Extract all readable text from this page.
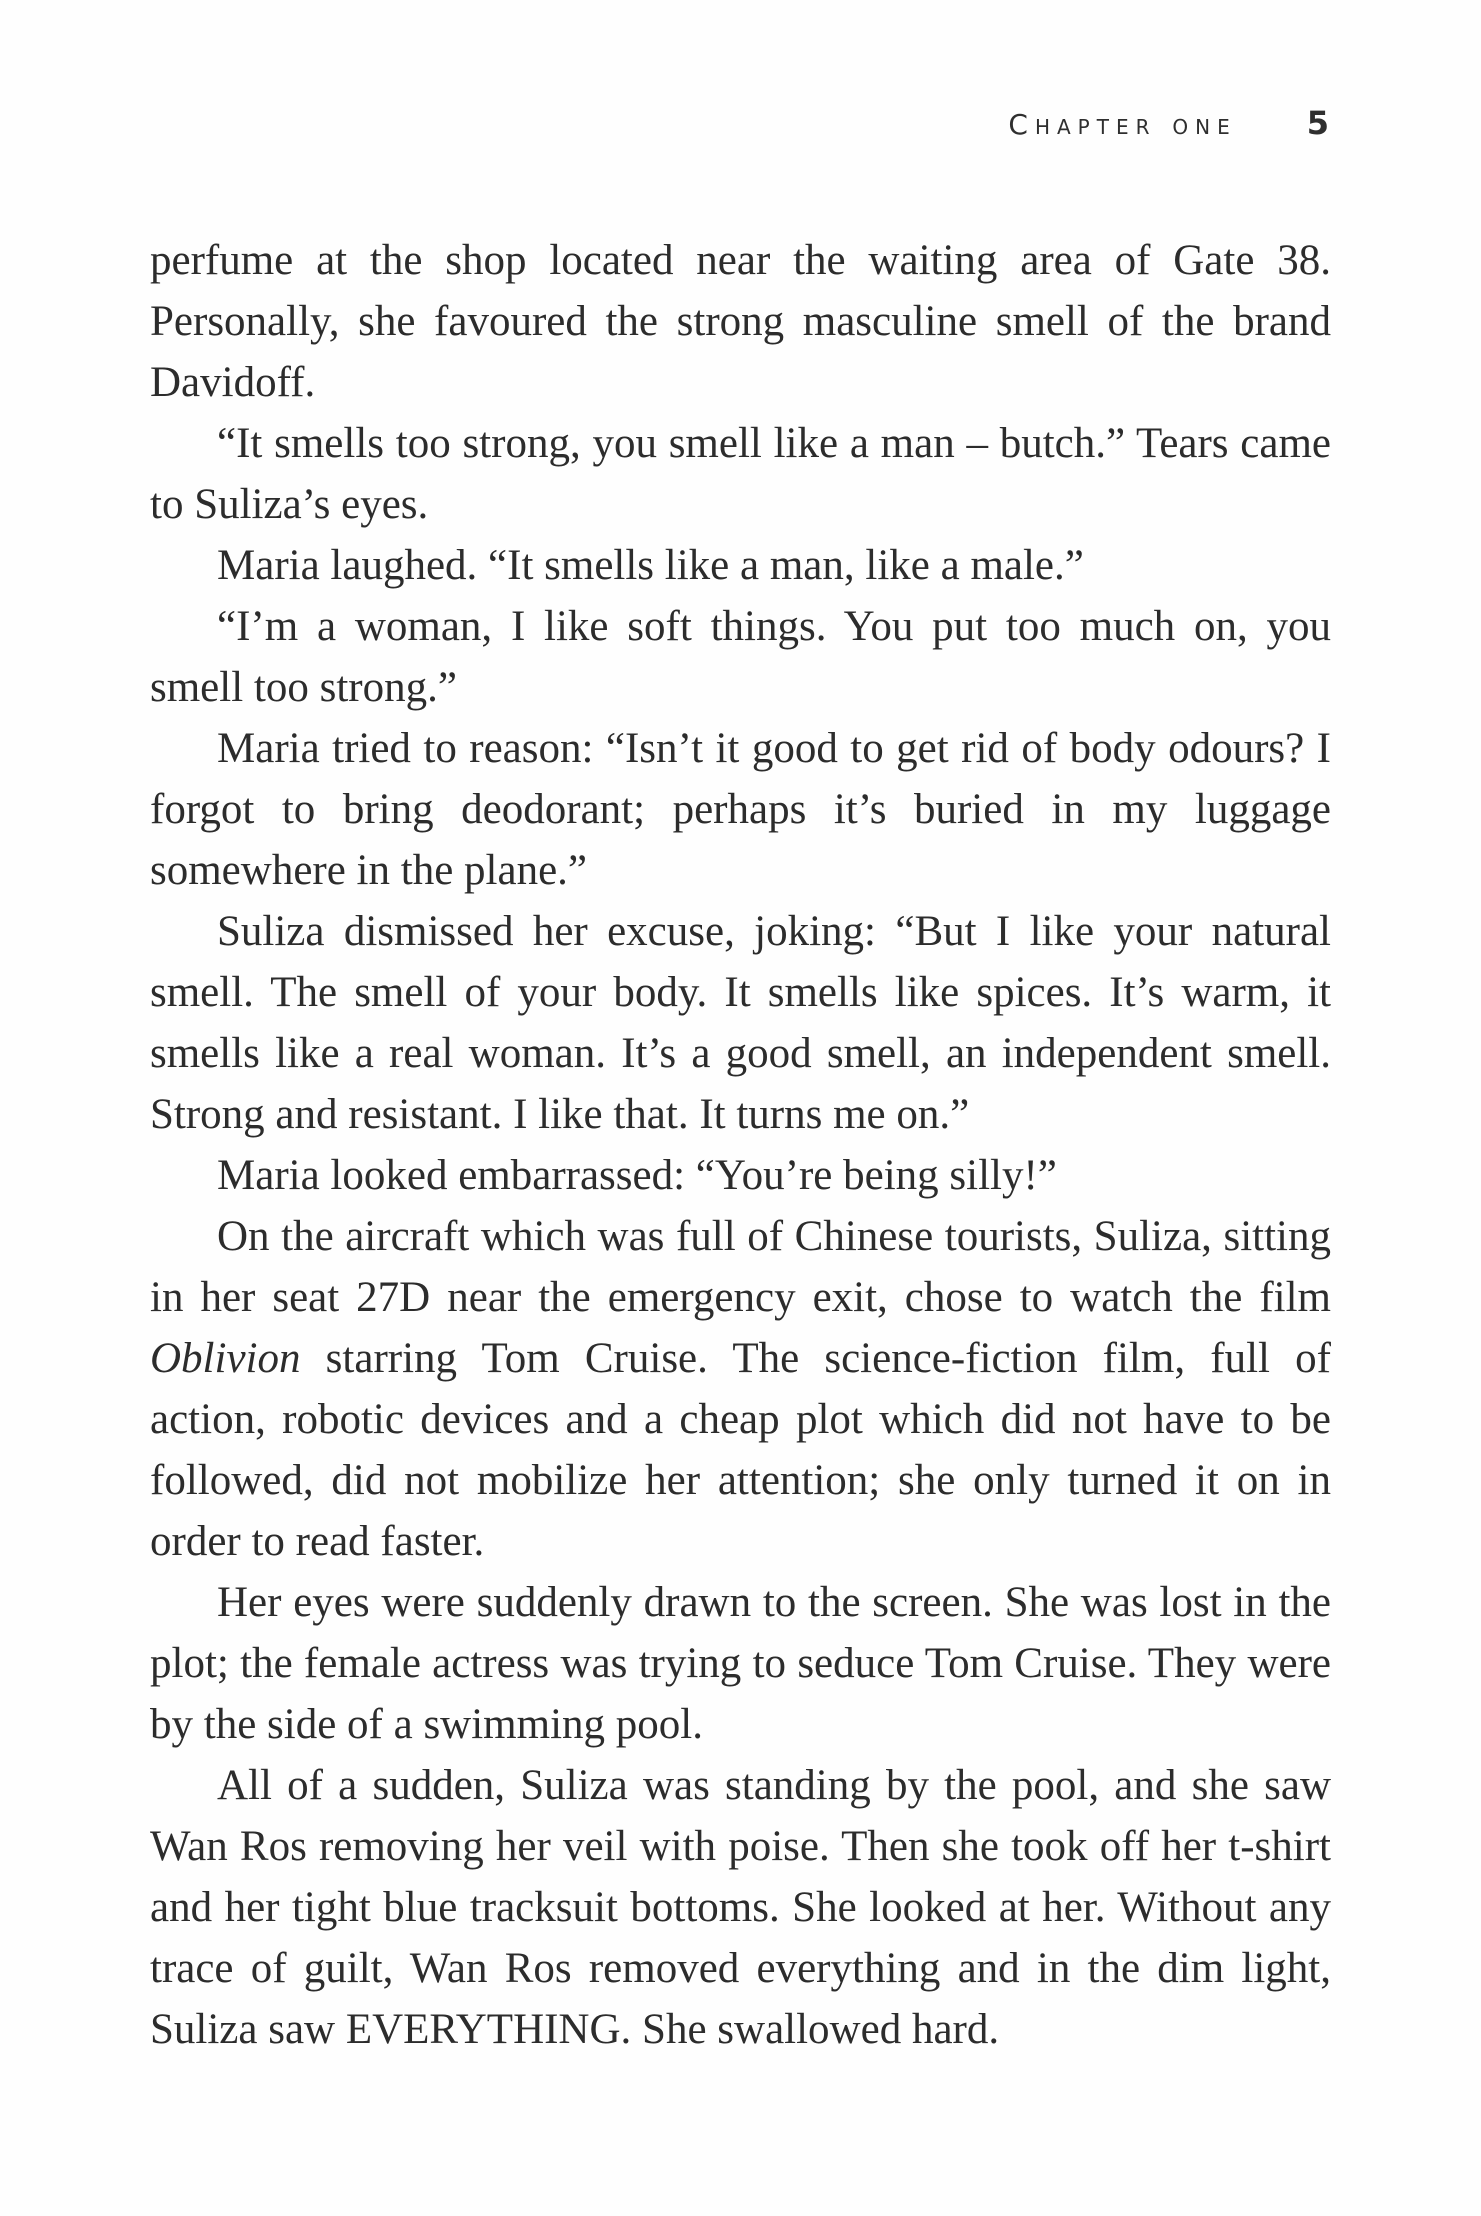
Chapter one 5

perfume at the shop located near the waiting area of Gate 38. Personally, she favoured the strong masculine smell of the brand Davidoff.

“It smells too strong, you smell like a man – butch.” Tears came to Suliza’s eyes.

Maria laughed. “It smells like a man, like a male.”

“I’m a woman, I like soft things. You put too much on, you smell too strong.”

Maria tried to reason: “Isn’t it good to get rid of body odours? I forgot to bring deodorant; perhaps it’s buried in my luggage somewhere in the plane.”

Suliza dismissed her excuse, joking: “But I like your natural smell. The smell of your body. It smells like spices. It’s warm, it smells like a real woman. It’s a good smell, an independent smell. Strong and resistant. I like that. It turns me on.”

Maria looked embarrassed: “You’re being silly!”

On the aircraft which was full of Chinese tourists, Suliza, sitting in her seat 27D near the emergency exit, chose to watch the film Oblivion starring Tom Cruise. The science-fiction film, full of action, robotic devices and a cheap plot which did not have to be followed, did not mobilize her attention; she only turned it on in order to read faster.

Her eyes were suddenly drawn to the screen. She was lost in the plot; the female actress was trying to seduce Tom Cruise. They were by the side of a swimming pool.

All of a sudden, Suliza was standing by the pool, and she saw Wan Ros removing her veil with poise. Then she took off her t-shirt and her tight blue tracksuit bottoms. She looked at her. Without any trace of guilt, Wan Ros removed everything and in the dim light, Suliza saw EVERYTHING. She swallowed hard.
